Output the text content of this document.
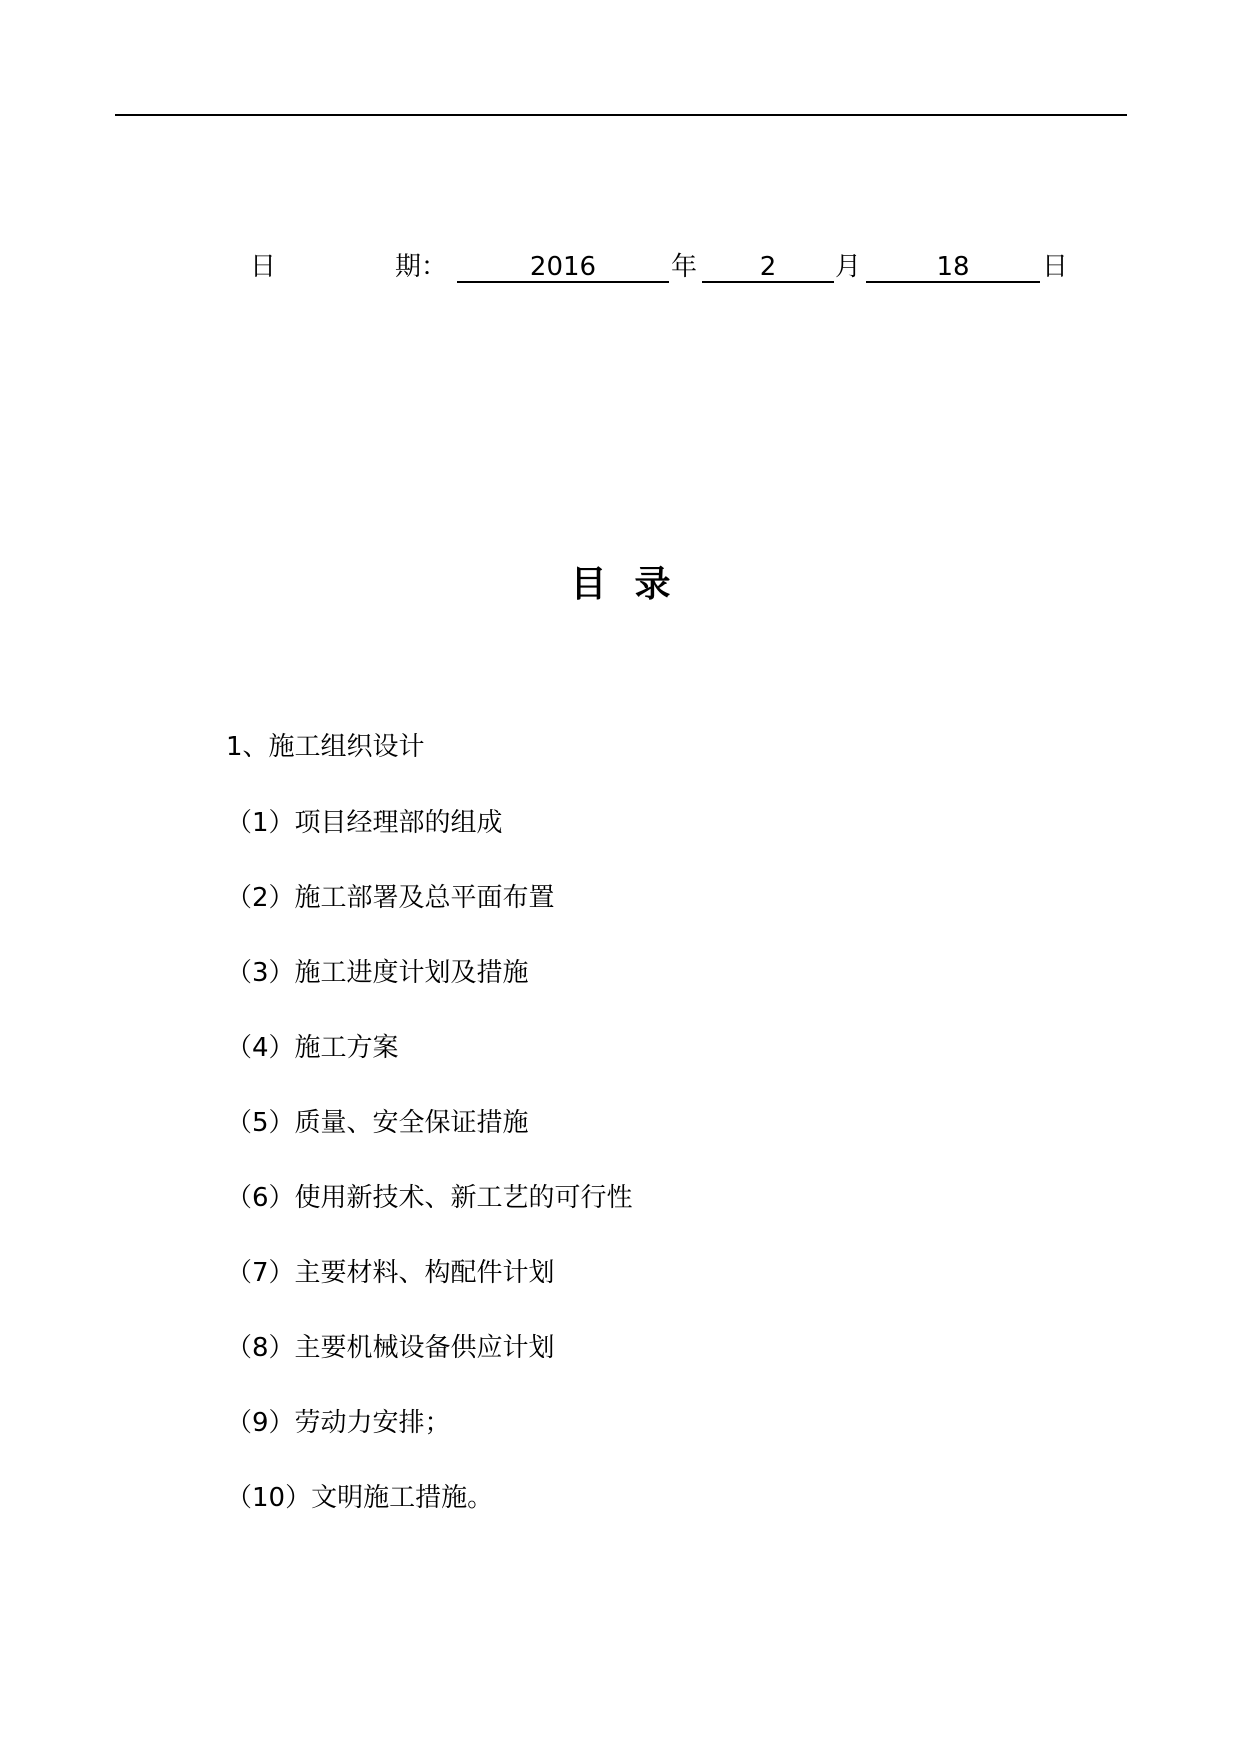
日	期：	2016	年	2	月	18	日
目录
1、施工组织设计
（1）项目经理部的组成
（2）施工部署及总平面布置
（3）施工进度计划及措施
（4）施工方案
（5）质量、安全保证措施
（6）使用新技术、新工艺的可行性
（7）主要材料、构配件计划
（8）主要机械设备供应计划
（9）劳动力安排；
（10）文明施工措施。
